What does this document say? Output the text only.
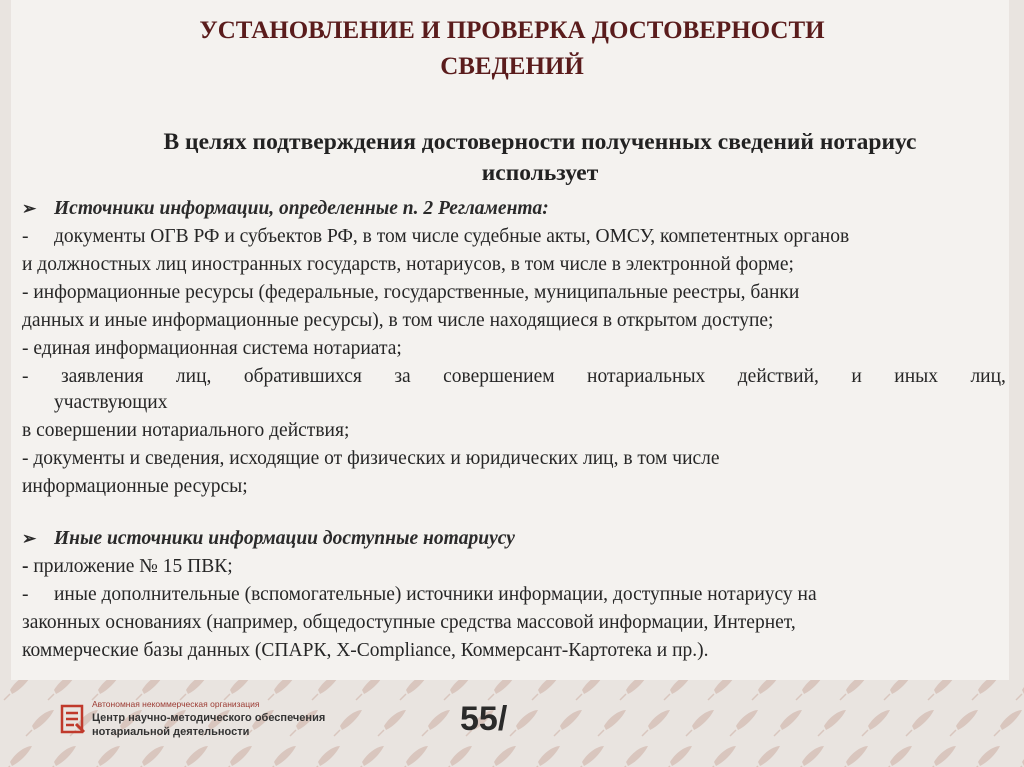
УСТАНОВЛЕНИЕ И ПРОВЕРКА ДОСТОВЕРНОСТИ
СВЕДЕНИЙ
В целях подтверждения достоверности полученных сведений нотариус
использует
➢ Источники информации, определенные п. 2 Регламента:
- документы ОГВ РФ и субъектов РФ, в том числе судебные акты, ОМСУ, компетентных органов
и должностных лиц иностранных государств, нотариусов, в том числе в электронной форме;
- информационные ресурсы (федеральные, государственные, муниципальные реестры, банки
данных и иные информационные ресурсы), в том числе находящиеся в открытом доступе;
- единая информационная система нотариата;
- заявления лиц, обратившихся за совершением нотариальных действий, и иных лиц,
участвующих
в совершении нотариального действия;
- документы и сведения, исходящие от физических и юридических лиц, в том числе
информационные ресурсы;
➢ Иные источники информации доступные нотариусу
- приложение № 15 ПВК;
- иные дополнительные (вспомогательные) источники информации, доступные нотариусу на
законных основаниях (например, общедоступные средства массовой информации, Интернет,
коммерческие базы данных (СПАРК, X-Compliance, Коммерсант-Картотека и пр.).
Автономная некоммерческая организация
Центр научно-методического обеспечения
нотариальной деятельности	55/
